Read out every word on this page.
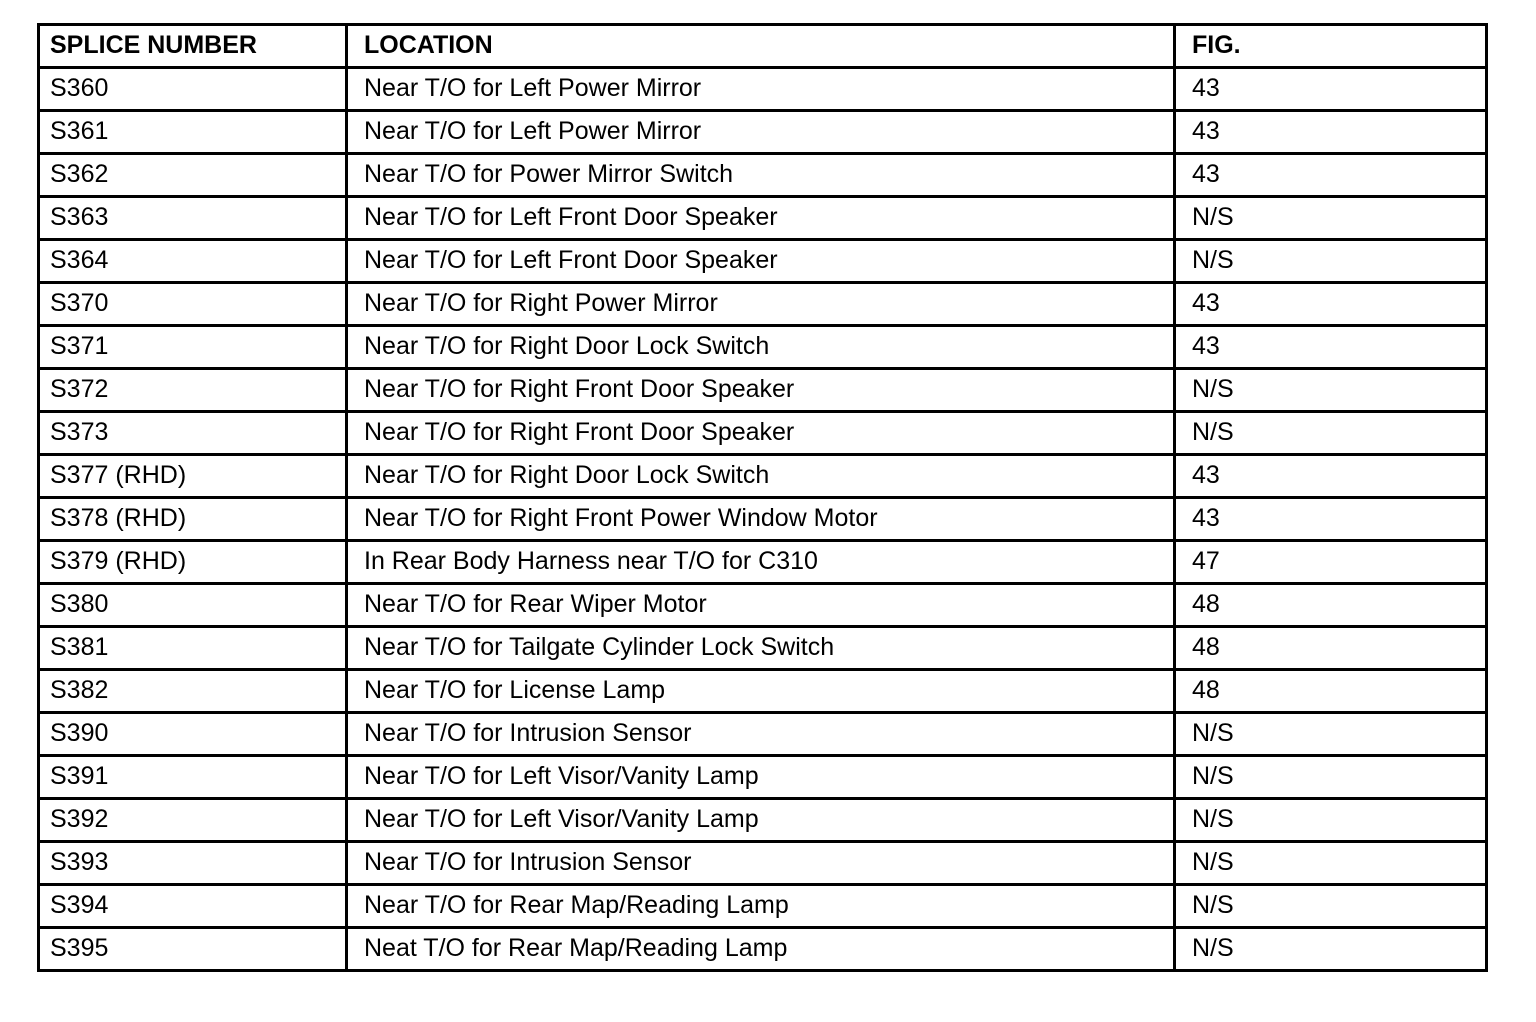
SPLICE NUMBER	LOCATION	FIG.
S360	Near T/O for Left Power Mirror	43
S361	Near T/O for Left Power Mirror	43
S362	Near T/O for Power Mirror Switch	43
S363	Near T/O for Left Front Door Speaker	N/S
S364	Near T/O for Left Front Door Speaker	N/S
S370	Near T/O for Right Power Mirror	43
S371	Near T/O for Right Door Lock Switch	43
S372	Near T/O for Right Front Door Speaker	N/S
S373	Near T/O for Right Front Door Speaker	N/S
S377 (RHD)	Near T/O for Right Door Lock Switch	43
S378 (RHD)	Near T/O for Right Front Power Window Motor	43
S379 (RHD)	In Rear Body Harness near T/O for C310	47
S380	Near T/O for Rear Wiper Motor	48
S381	Near T/O for Tailgate Cylinder Lock Switch	48
S382	Near T/O for License Lamp	48
S390	Near T/O for Intrusion Sensor	N/S
S391	Near T/O for Left Visor/Vanity Lamp	N/S
S392	Near T/O for Left Visor/Vanity Lamp	N/S
S393	Near T/O for Intrusion Sensor	N/S
S394	Near T/O for Rear Map/Reading Lamp	N/S
S395	Neat T/O for Rear Map/Reading Lamp	N/S
